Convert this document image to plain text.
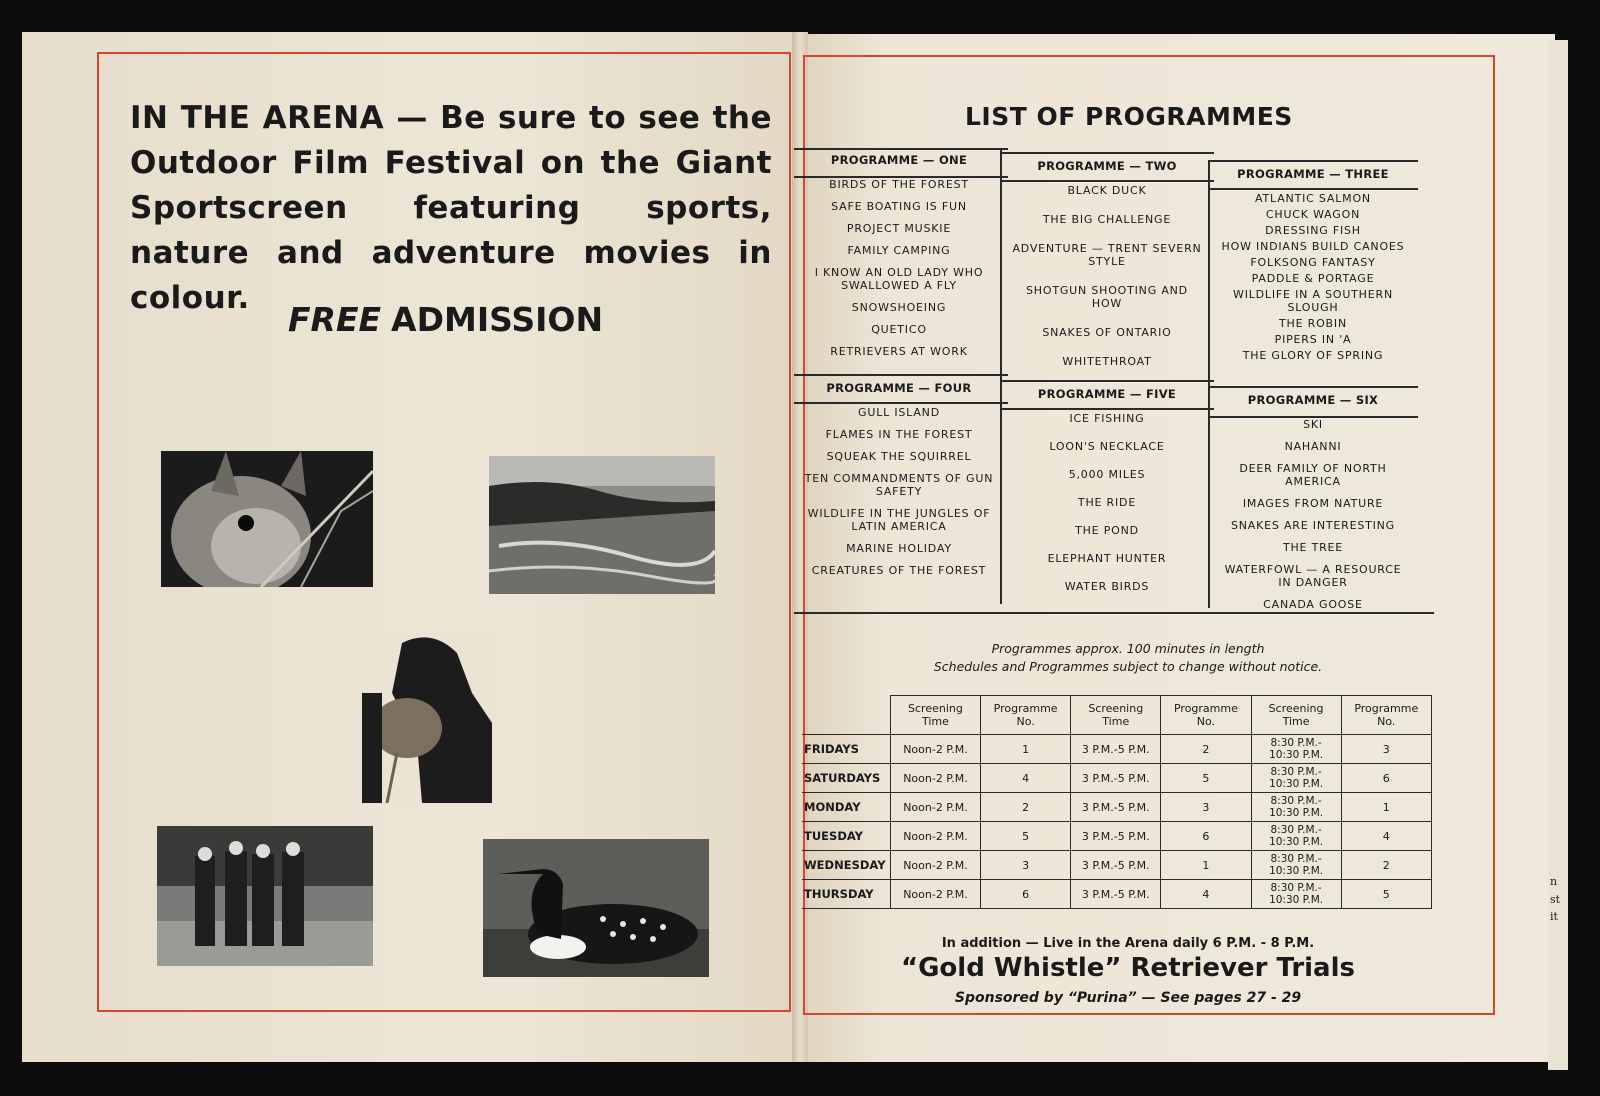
n
st
it
IN THE ARENA — Be sure to see the Outdoor Film Festival on the Giant Sportscreen featuring sports, nature and adventure movies in colour.
FREE ADMISSION
LIST OF PROGRAMMES
PROGRAMME — ONE
BIRDS OF THE FOREST
SAFE BOATING IS FUN
PROJECT MUSKIE
FAMILY CAMPING
I KNOW AN OLD LADY WHO SWALLOWED A FLY
SNOWSHOEING
QUETICO
RETRIEVERS AT WORK
PROGRAMME — TWO
BLACK DUCK
THE BIG CHALLENGE
ADVENTURE — TRENT SEVERN STYLE
SHOTGUN SHOOTING AND HOW
SNAKES OF ONTARIO
WHITETHROAT
PROGRAMME — THREE
ATLANTIC SALMON
CHUCK WAGON
DRESSING FISH
HOW INDIANS BUILD CANOES
FOLKSONG FANTASY
PADDLE & PORTAGE
WILDLIFE IN A SOUTHERN SLOUGH
THE ROBIN
PIPERS IN 'A
THE GLORY OF SPRING
PROGRAMME — FOUR
GULL ISLAND
FLAMES IN THE FOREST
SQUEAK THE SQUIRREL
TEN COMMANDMENTS OF GUN SAFETY
WILDLIFE IN THE JUNGLES OF LATIN AMERICA
MARINE HOLIDAY
CREATURES OF THE FOREST
PROGRAMME — FIVE
ICE FISHING
LOON'S NECKLACE
5,000 MILES
THE RIDE
THE POND
ELEPHANT HUNTER
WATER BIRDS
PROGRAMME — SIX
SKI
NAHANNI
DEER FAMILY OF NORTH AMERICA
IMAGES FROM NATURE
SNAKES ARE INTERESTING
THE TREE
WATERFOWL — A RESOURCE IN DANGER
CANADA GOOSE
Programmes approx. 100 minutes in length
Schedules and Programmes subject to change without notice.
	Screening Time	Programme No.	Screening Time	Programme No.	Screening Time	Programme No.
FRIDAYS	Noon-2 P.M.	1	3 P.M.-5 P.M.	2	8:30 P.M.-
10:30 P.M.	3
SATURDAYS	Noon-2 P.M.	4	3 P.M.-5 P.M.	5	8:30 P.M.-
10:30 P.M.	6
MONDAY	Noon-2 P.M.	2	3 P.M.-5 P.M.	3	8:30 P.M.-
10:30 P.M.	1
TUESDAY	Noon-2 P.M.	5	3 P.M.-5 P.M.	6	8:30 P.M.-
10:30 P.M.	4
WEDNESDAY	Noon-2 P.M.	3	3 P.M.-5 P.M.	1	8:30 P.M.-
10:30 P.M.	2
THURSDAY	Noon-2 P.M.	6	3 P.M.-5 P.M.	4	8:30 P.M.-
10:30 P.M.	5
In addition — Live in the Arena daily 6 P.M. - 8 P.M.
“Gold Whistle” Retriever Trials
Sponsored by “Purina” — See pages 27 - 29
